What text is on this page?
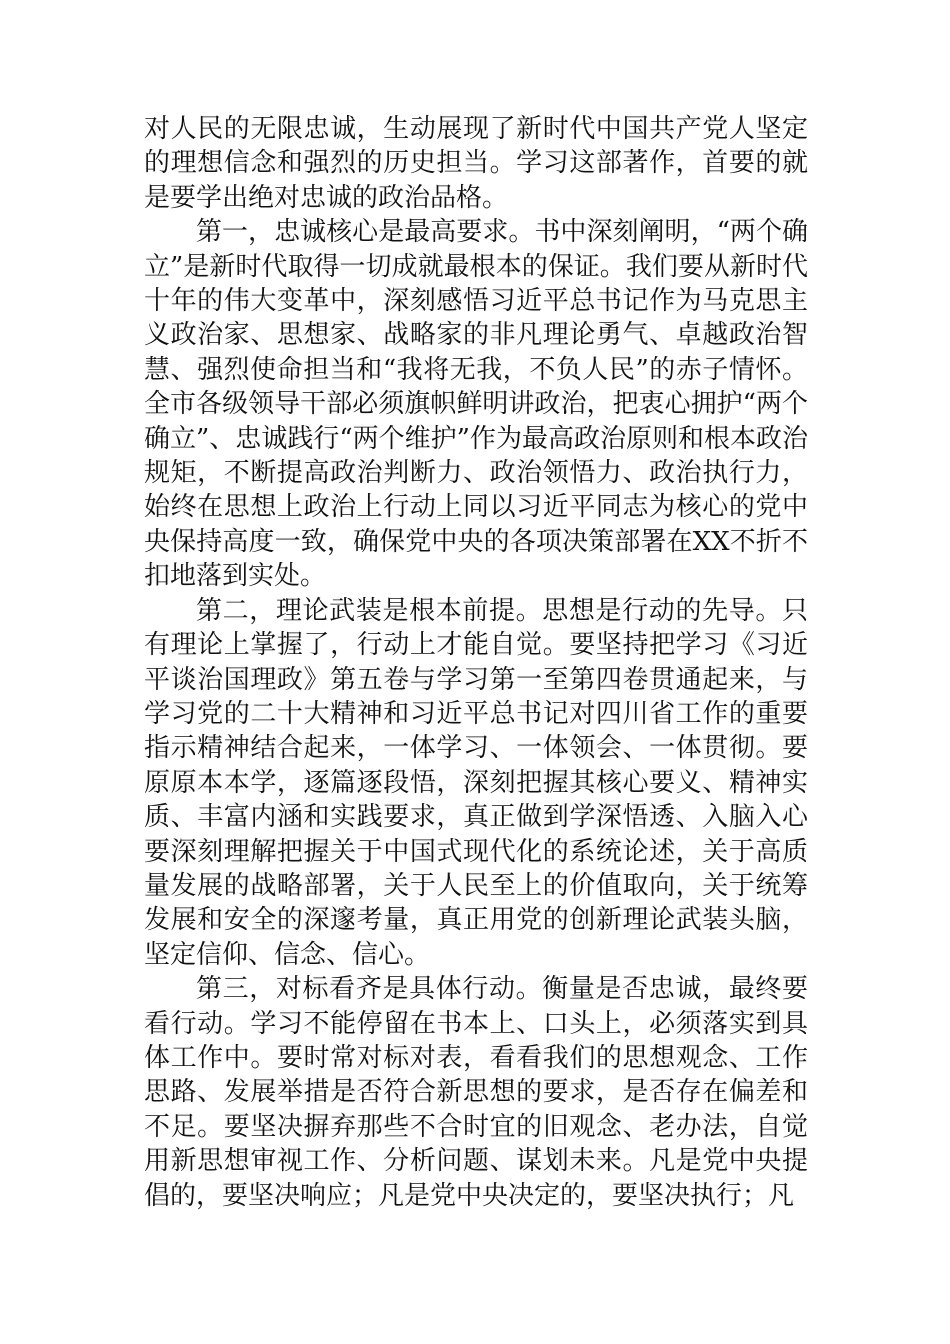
对人民的无限忠诚，生动展现了新时代中国共产党人坚定的理想信念和强烈的历史担当。学习这部著作，首要的就是要学出绝对忠诚的政治品格。

第一，忠诚核心是最高要求。书中深刻阐明，“两个确立”是新时代取得一切成就最根本的保证。我们要从新时代十年的伟大变革中，深刻感悟习近平总书记作为马克思主义政治家、思想家、战略家的非凡理论勇气、卓越政治智慧、强烈使命担当和“我将无我，不负人民”的赤子情怀。全市各级领导干部必须旗帜鲜明讲政治，把衷心拥护“两个确立”、忠诚践行“两个维护”作为最高政治原则和根本政治规矩，不断提高政治判断力、政治领悟力、政治执行力，始终在思想上政治上行动上同以习近平同志为核心的党中央保持高度一致，确保党中央的各项决策部署在XX不折不扣地落到实处。

第二，理论武装是根本前提。思想是行动的先导。只有理论上掌握了，行动上才能自觉。要坚持把学习《习近平谈治国理政》第五卷与学习第一至第四卷贯通起来，与学习党的二十大精神和习近平总书记对四川省工作的重要指示精神结合起来，一体学习、一体领会、一体贯彻。要原原本本学，逐篇逐段悟，深刻把握其核心要义、精神实质、丰富内涵和实践要求，真正做到学深悟透、入脑入心要深刻理解把握关于中国式现代化的系统论述，关于高质量发展的战略部署，关于人民至上的价值取向，关于统筹发展和安全的深邃考量，真正用党的创新理论武装头脑，坚定信仰、信念、信心。

第三，对标看齐是具体行动。衡量是否忠诚，最终要看行动。学习不能停留在书本上、口头上，必须落实到具体工作中。要时常对标对表，看看我们的思想观念、工作思路、发展举措是否符合新思想的要求，是否存在偏差和不足。要坚决摒弃那些不合时宜的旧观念、老办法，自觉用新思想审视工作、分析问题、谋划未来。凡是党中央提倡的，要坚决响应；凡是党中央决定的，要坚决执行；凡
